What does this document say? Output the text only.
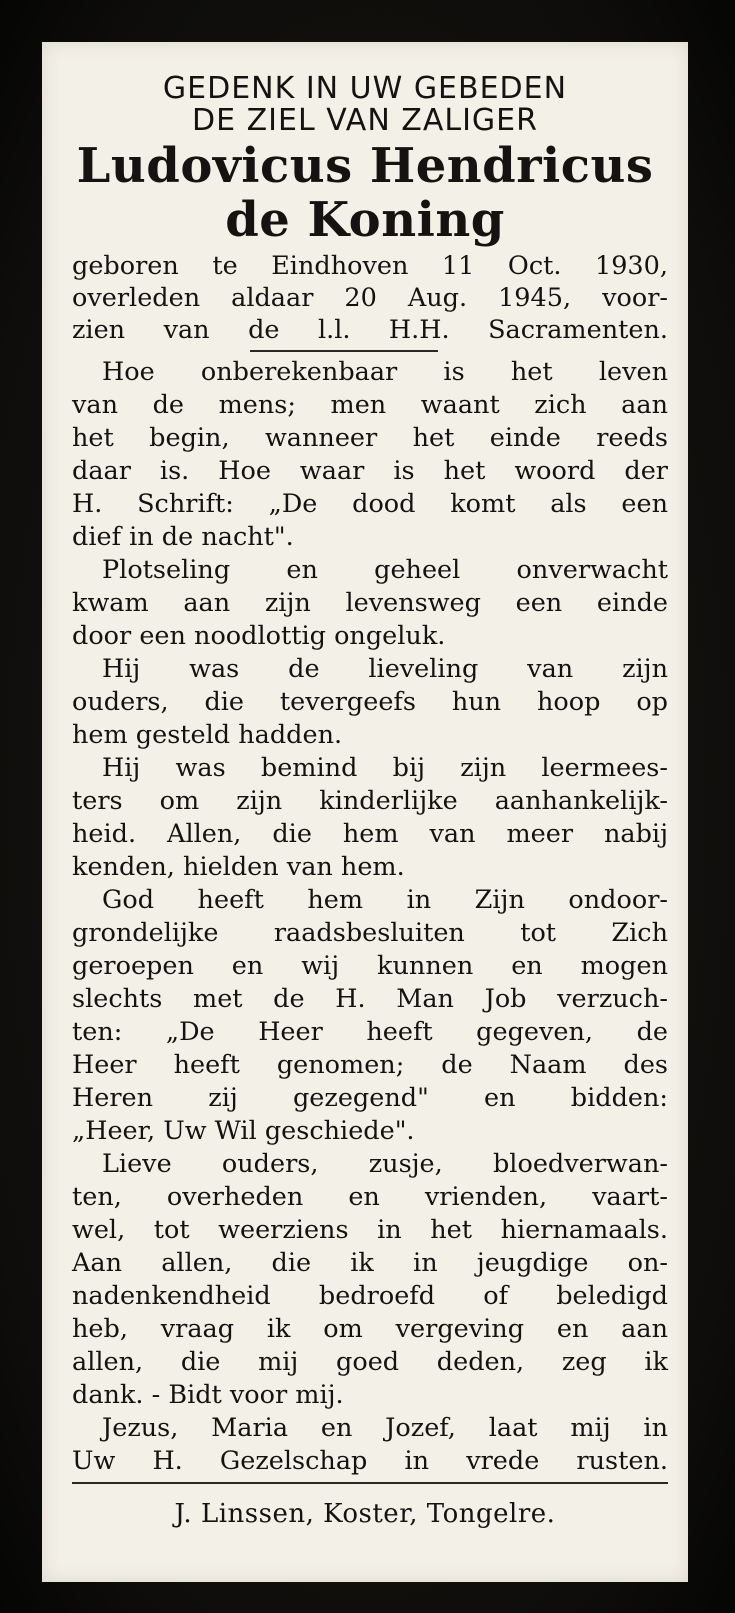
GEDENK IN UW GEBEDEN
DE ZIEL VAN ZALIGER
Ludovicus Hendricus
de Koning
geboren te Eindhoven 11 Oct. 1930,
overleden aldaar 20 Aug. 1945, voor-
zien van de l.l. H.H. Sacramenten.
Hoe onberekenbaar is het leven
van de mens; men waant zich aan
het begin, wanneer het einde reeds
daar is. Hoe waar is het woord der
H. Schrift: „De dood komt als een
dief in de nacht".
Plotseling en geheel onverwacht
kwam aan zijn levensweg een einde
door een noodlottig ongeluk.
Hij was de lieveling van zijn
ouders, die tevergeefs hun hoop op
hem gesteld hadden.
Hij was bemind bij zijn leermees-
ters om zijn kinderlijke aanhankelijk-
heid. Allen, die hem van meer nabij
kenden, hielden van hem.
God heeft hem in Zijn ondoor-
grondelijke raadsbesluiten tot Zich
geroepen en wij kunnen en mogen
slechts met de H. Man Job verzuch-
ten: „De Heer heeft gegeven, de
Heer heeft genomen; de Naam des
Heren zij gezegend" en bidden:
„Heer, Uw Wil geschiede".
Lieve ouders, zusje, bloedverwan-
ten, overheden en vrienden, vaart-
wel, tot weerziens in het hiernamaals.
Aan allen, die ik in jeugdige on-
nadenkendheid bedroefd of beledigd
heb, vraag ik om vergeving en aan
allen, die mij goed deden, zeg ik
dank. - Bidt voor mij.
Jezus, Maria en Jozef, laat mij in
Uw H. Gezelschap in vrede rusten.
J. Linssen, Koster, Tongelre.
